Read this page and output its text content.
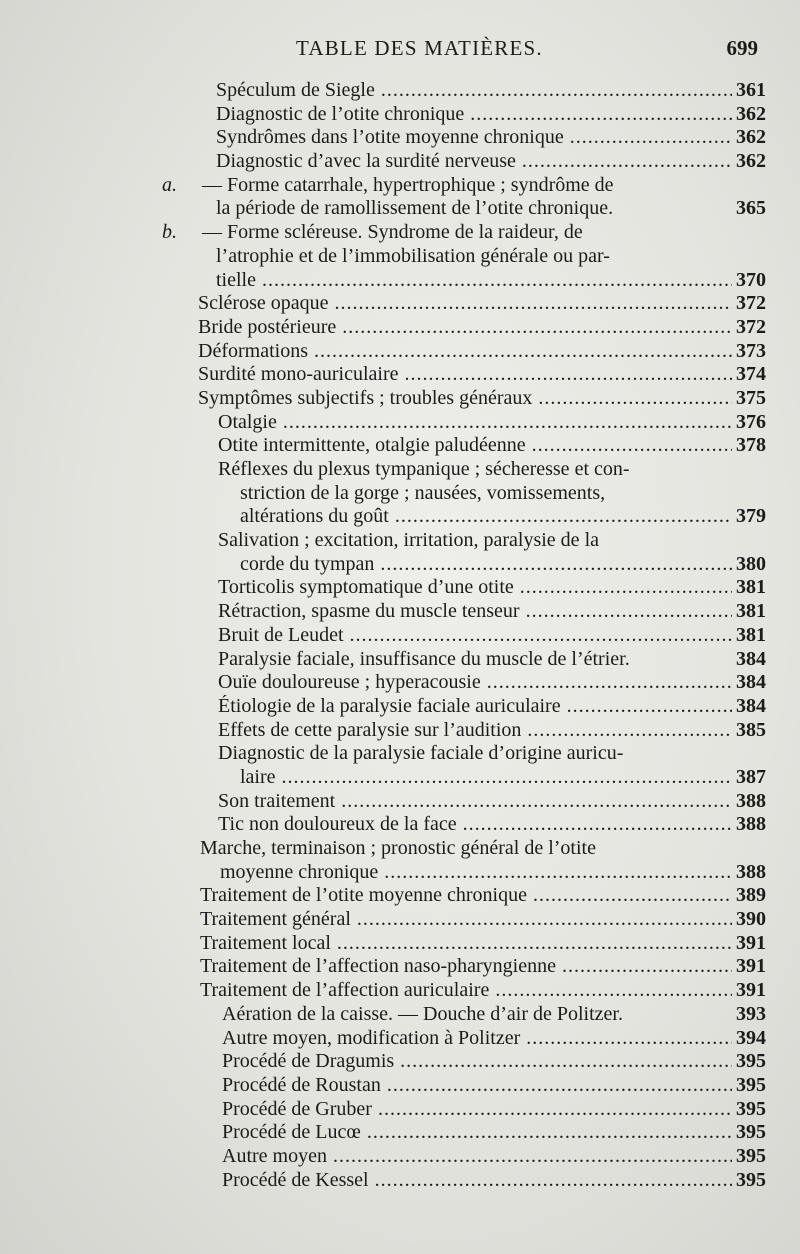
TABLE DES MATIÈRES.	699
Spéculum de Siegle .....	361
Diagnostic de l’otite chronique .....	362
Syndrômes dans l’otite moyenne chronique .....	362
Diagnostic d’avec la surdité nerveuse .....	362
a. — Forme catarrhale, hypertrophique ; syndrôme de
la période de ramollissement de l’otite chronique.	365
b. — Forme scléreuse. Syndrome de la raideur, de
l’atrophie et de l’immobilisation générale ou par-
tielle .....	370
Sclérose opaque .....	372
Bride postérieure .....	372
Déformations .....	373
Surdité mono-auriculaire .....	374
Symptômes subjectifs ; troubles généraux .....	375
Otalgie .....	376
Otite intermittente, otalgie paludéenne .....	378
Réflexes du plexus tympanique ; sécheresse et con-
striction de la gorge ; nausées, vomissements,
altérations du goût .....	379
Salivation ; excitation, irritation, paralysie de la
corde du tympan .....	380
Torticolis symptomatique d’une otite .....	381
Rétraction, spasme du muscle tenseur .....	381
Bruit de Leudet .....	381
Paralysie faciale, insuffisance du muscle de l’étrier.	384
Ouïe douloureuse ; hyperacousie .....	384
Étiologie de la paralysie faciale auriculaire .....	384
Effets de cette paralysie sur l’audition .....	385
Diagnostic de la paralysie faciale d’origine auricu-
laire .....	387
Son traitement .....	388
Tic non douloureux de la face .....	388
Marche, terminaison ; pronostic général de l’otite
moyenne chronique .....	388
Traitement de l’otite moyenne chronique .....	389
Traitement général .....	390
Traitement local .....	391
Traitement de l’affection naso-pharyngienne .....	391
Traitement de l’affection auriculaire .....	391
Aération de la caisse. — Douche d’air de Politzer.	393
Autre moyen, modification à Politzer .....	394
Procédé de Dragumis .....	395
Procédé de Roustan .....	395
Procédé de Gruber .....	395
Procédé de Lucœ .....	395
Autre moyen .....	395
Procédé de Kessel .....	395
